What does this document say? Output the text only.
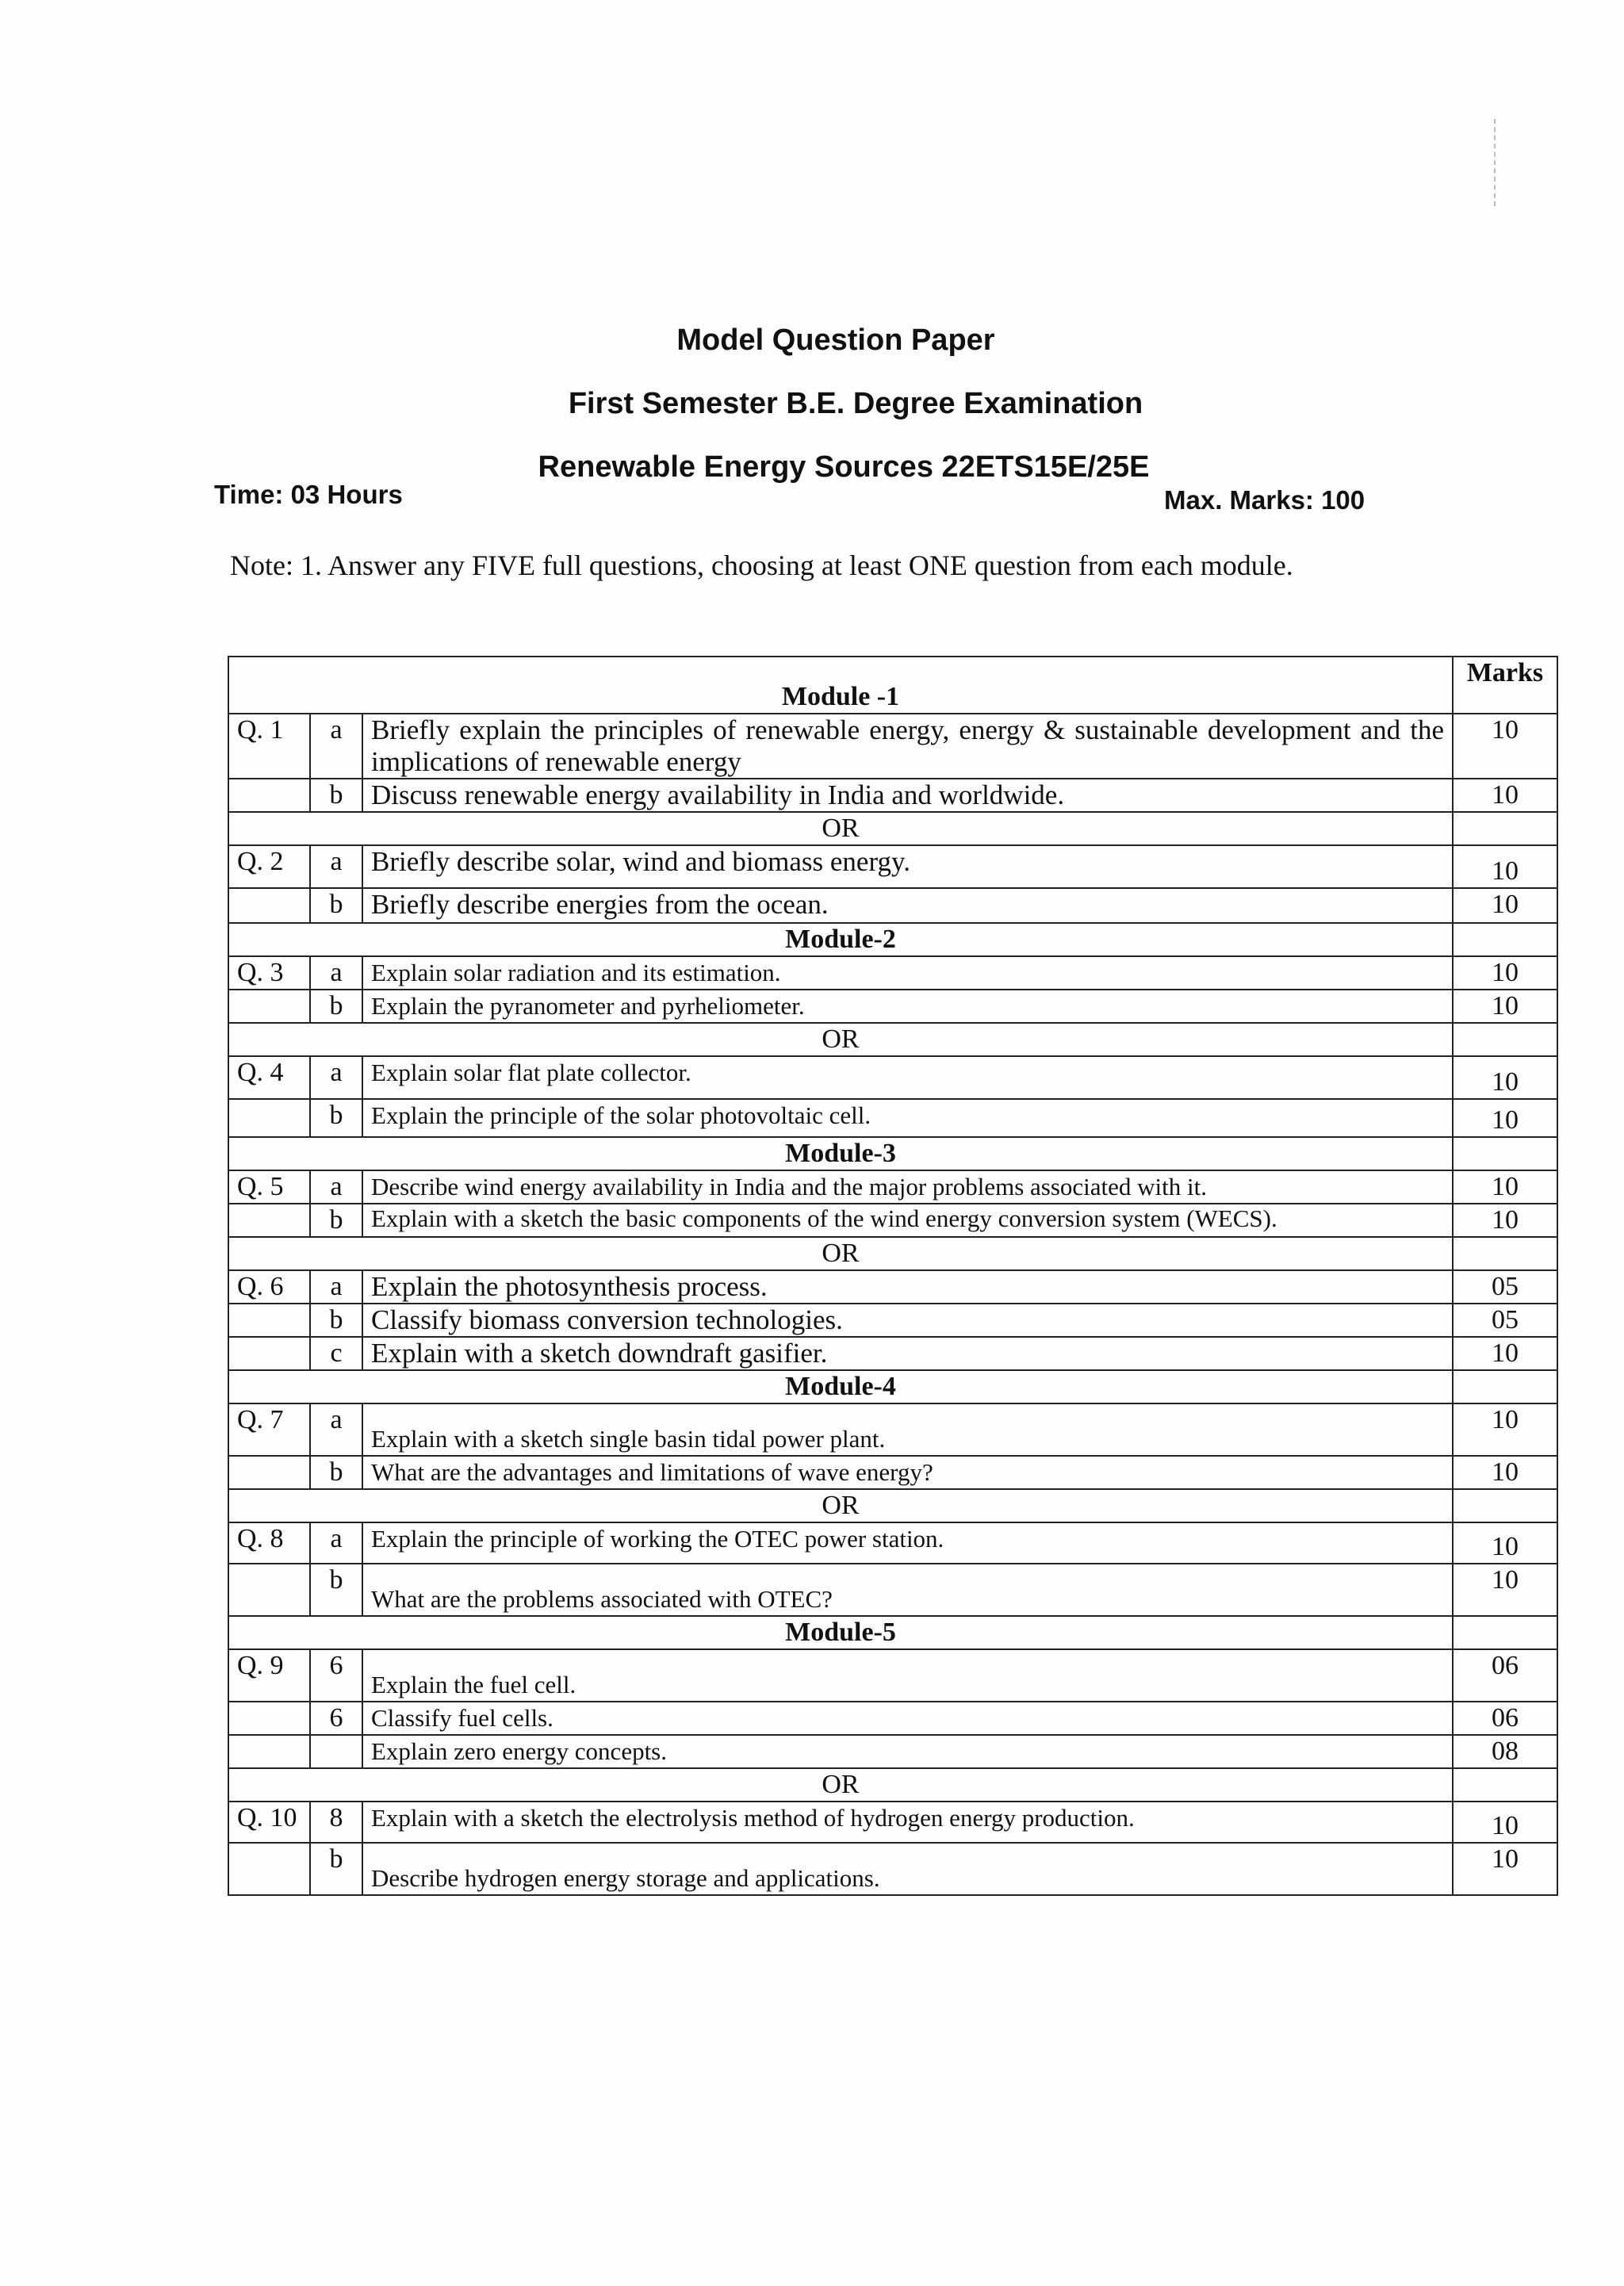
Model Question Paper
First Semester B.E. Degree Examination
Renewable Energy Sources 22ETS15E/25E
Time: 03 Hours	Max. Marks: 100
Note: 1. Answer any FIVE full questions, choosing at least ONE question from each module.
Module -1			Marks
Q. 1	a	Briefly explain the principles of renewable energy, energy & sustainable development and the implications of renewable energy	10
	b	Discuss renewable energy availability in India and worldwide.	10
OR			
Q. 2	a	Briefly describe solar, wind and biomass energy.	10
	b	Briefly describe energies from the ocean.	10
Module-2			
Q. 3	a	Explain solar radiation and its estimation.	10
	b	Explain the pyranometer and pyrheliometer.	10
OR			
Q. 4	a	Explain solar flat plate collector.	10
	b	Explain the principle of the solar photovoltaic cell.	10
Module-3			
Q. 5	a	Describe wind energy availability in India and the major problems associated with it.	10
	b	Explain with a sketch the basic components of the wind energy conversion system (WECS).	10
OR			
Q. 6	a	Explain the photosynthesis process.	05
	b	Classify biomass conversion technologies.	05
	c	Explain with a sketch downdraft gasifier.	10
Module-4			
Q. 7	a	Explain with a sketch single basin tidal power plant.	10
	b	What are the advantages and limitations of wave energy?	10
OR			
Q. 8	a	Explain the principle of working the OTEC power station.	10
	b	What are the problems associated with OTEC?	10
Module-5			
Q. 9	6	Explain the fuel cell.	06
	6	Classify fuel cells.	06
		Explain zero energy concepts.	08
OR			
Q. 10	8	Explain with a sketch the electrolysis method of hydrogen energy production.	10
	b	Describe hydrogen energy storage and applications.	10
